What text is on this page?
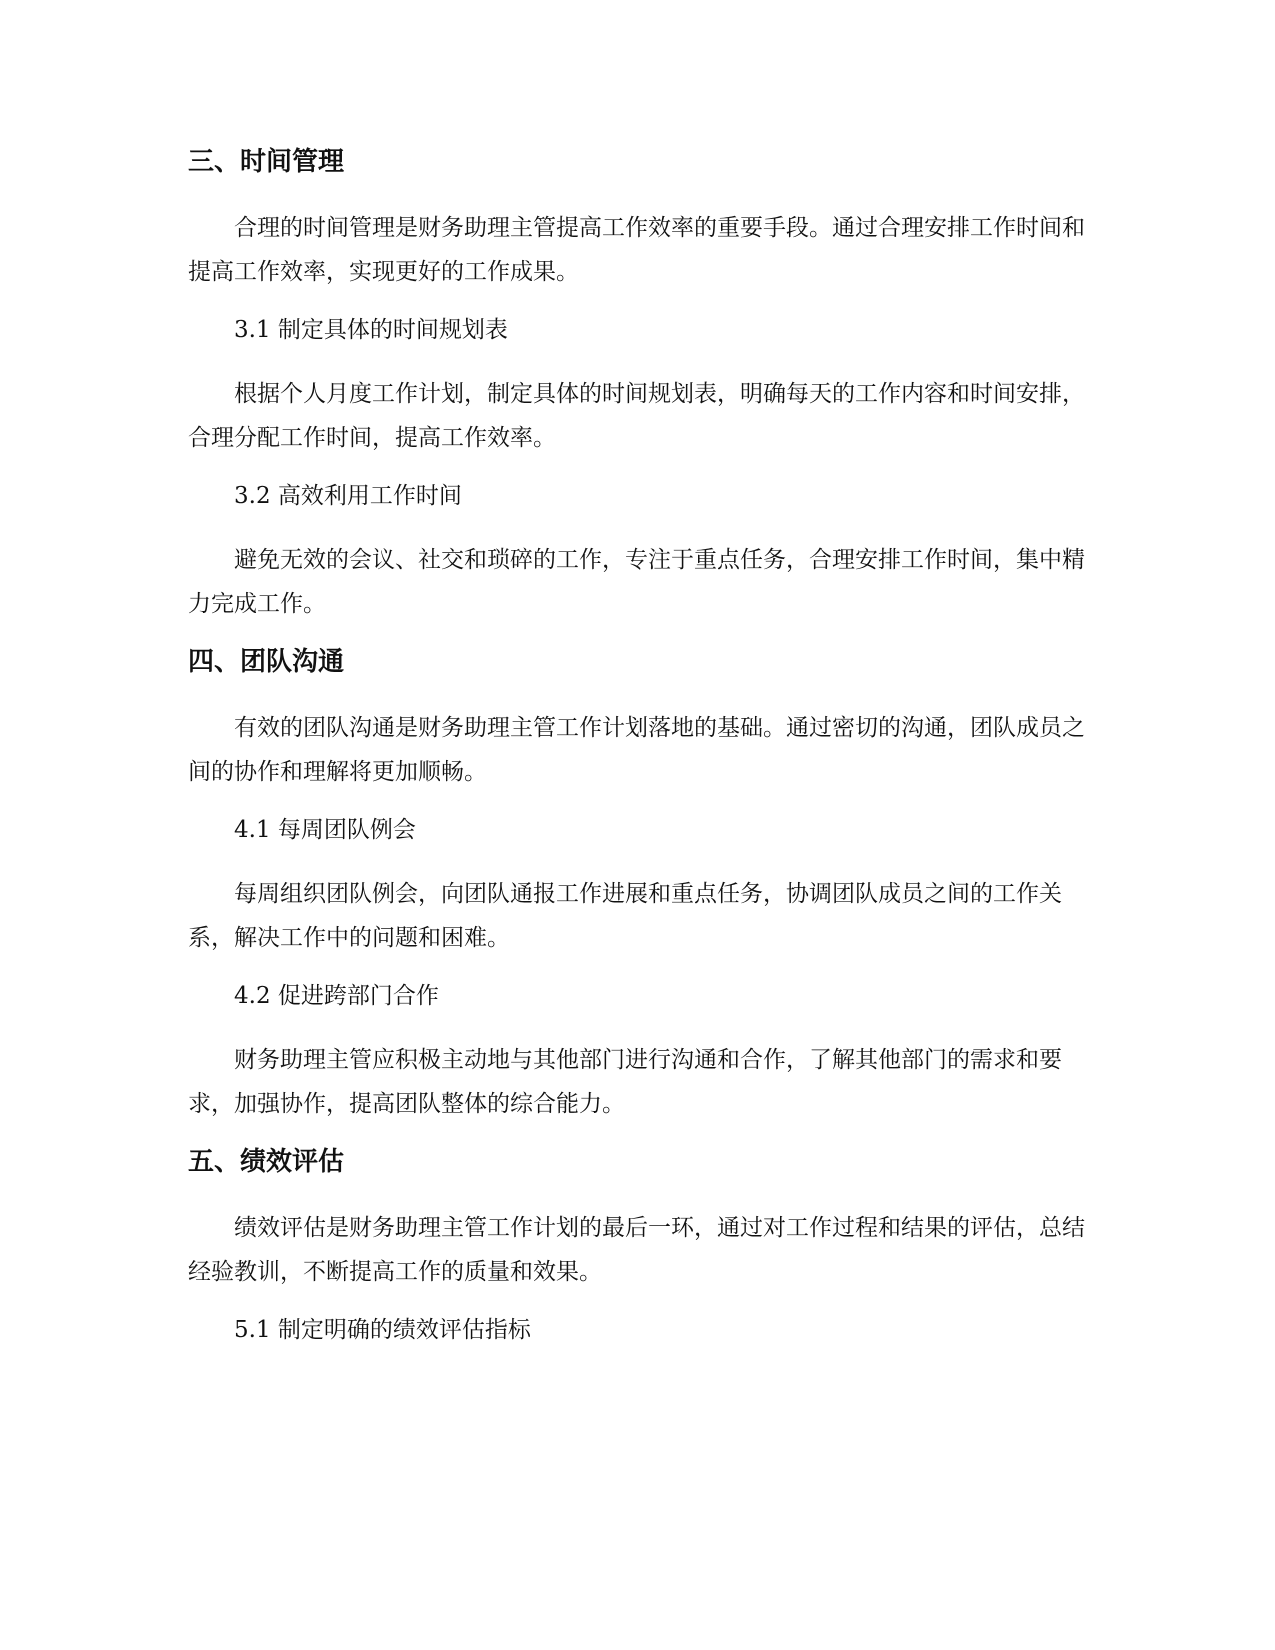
三、时间管理

合理的时间管理是财务助理主管提高工作效率的重要手段。通过合理安排工作时间和提高工作效率，实现更好的工作成果。

3.1 制定具体的时间规划表

根据个人月度工作计划，制定具体的时间规划表，明确每天的工作内容和时间安排，合理分配工作时间，提高工作效率。

3.2 高效利用工作时间

避免无效的会议、社交和琐碎的工作，专注于重点任务，合理安排工作时间，集中精力完成工作。

四、团队沟通

有效的团队沟通是财务助理主管工作计划落地的基础。通过密切的沟通，团队成员之间的协作和理解将更加顺畅。

4.1 每周团队例会

每周组织团队例会，向团队通报工作进展和重点任务，协调团队成员之间的工作关系，解决工作中的问题和困难。

4.2 促进跨部门合作

财务助理主管应积极主动地与其他部门进行沟通和合作，了解其他部门的需求和要求，加强协作，提高团队整体的综合能力。

五、绩效评估

绩效评估是财务助理主管工作计划的最后一环，通过对工作过程和结果的评估，总结经验教训，不断提高工作的质量和效果。

5.1 制定明确的绩效评估指标
